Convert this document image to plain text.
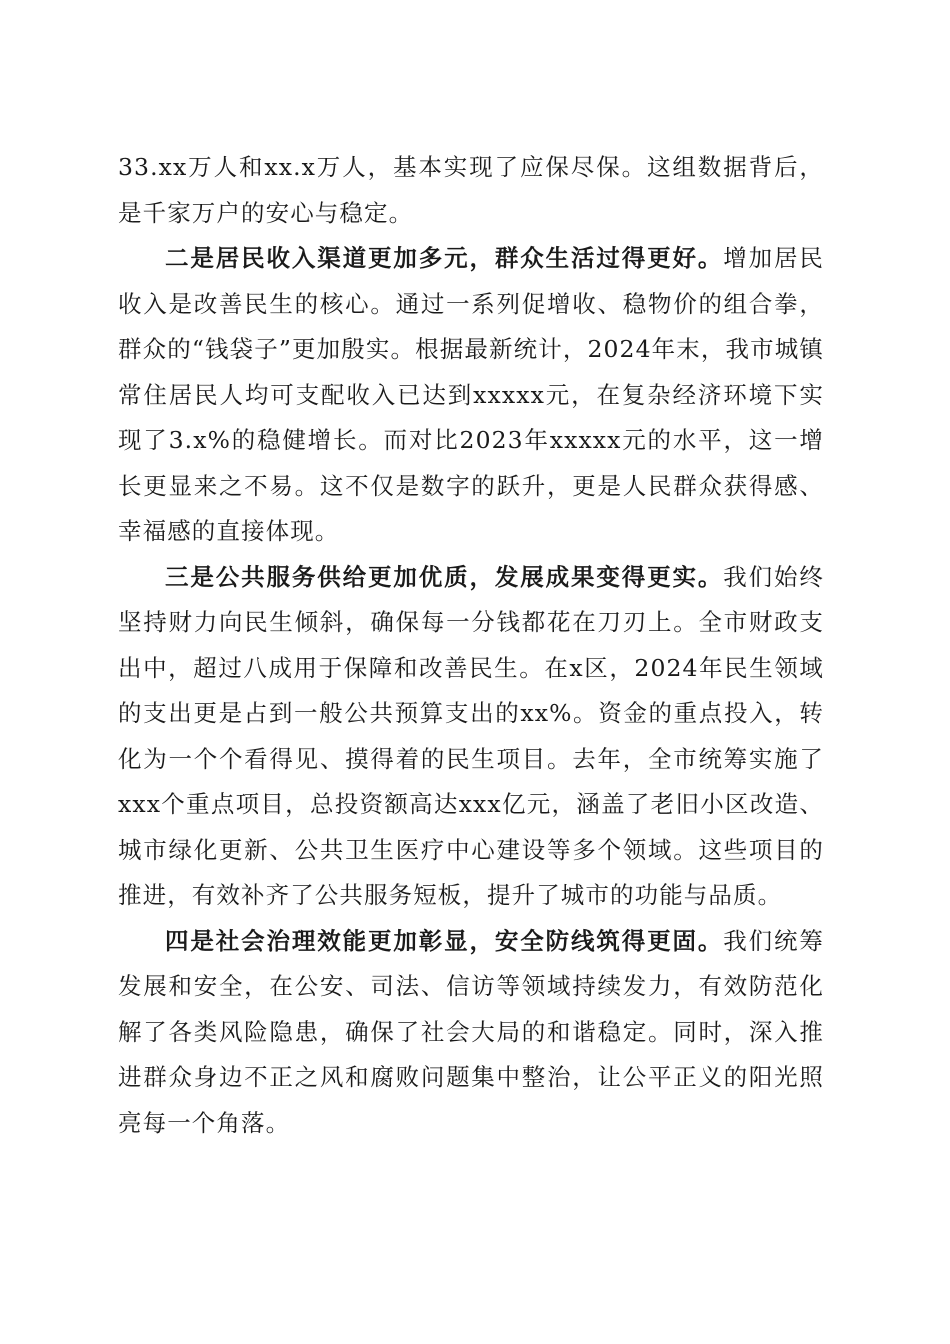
33.xx万人和xx.x万人，基本实现了应保尽保。这组数据背后，是千家万户的安心与稳定。

二是居民收入渠道更加多元，群众生活过得更好。增加居民收入是改善民生的核心。通过一系列促增收、稳物价的组合拳，群众的“钱袋子”更加殷实。根据最新统计，2024年末，我市城镇常住居民人均可支配收入已达到xxxxx元，在复杂经济环境下实现了3.x%的稳健增长。而对比2023年xxxxx元的水平，这一增长更显来之不易。这不仅是数字的跃升，更是人民群众获得感、幸福感的直接体现。

三是公共服务供给更加优质，发展成果变得更实。我们始终坚持财力向民生倾斜，确保每一分钱都花在刀刃上。全市财政支出中，超过八成用于保障和改善民生。在x区，2024年民生领域的支出更是占到一般公共预算支出的xx%。资金的重点投入，转化为一个个看得见、摸得着的民生项目。去年，全市统筹实施了xxx个重点项目，总投资额高达xxx亿元，涵盖了老旧小区改造、城市绿化更新、公共卫生医疗中心建设等多个领域。这些项目的推进，有效补齐了公共服务短板，提升了城市的功能与品质。

四是社会治理效能更加彰显，安全防线筑得更固。我们统筹发展和安全，在公安、司法、信访等领域持续发力，有效防范化解了各类风险隐患，确保了社会大局的和谐稳定。同时，深入推进群众身边不正之风和腐败问题集中整治，让公平正义的阳光照亮每一个角落。
